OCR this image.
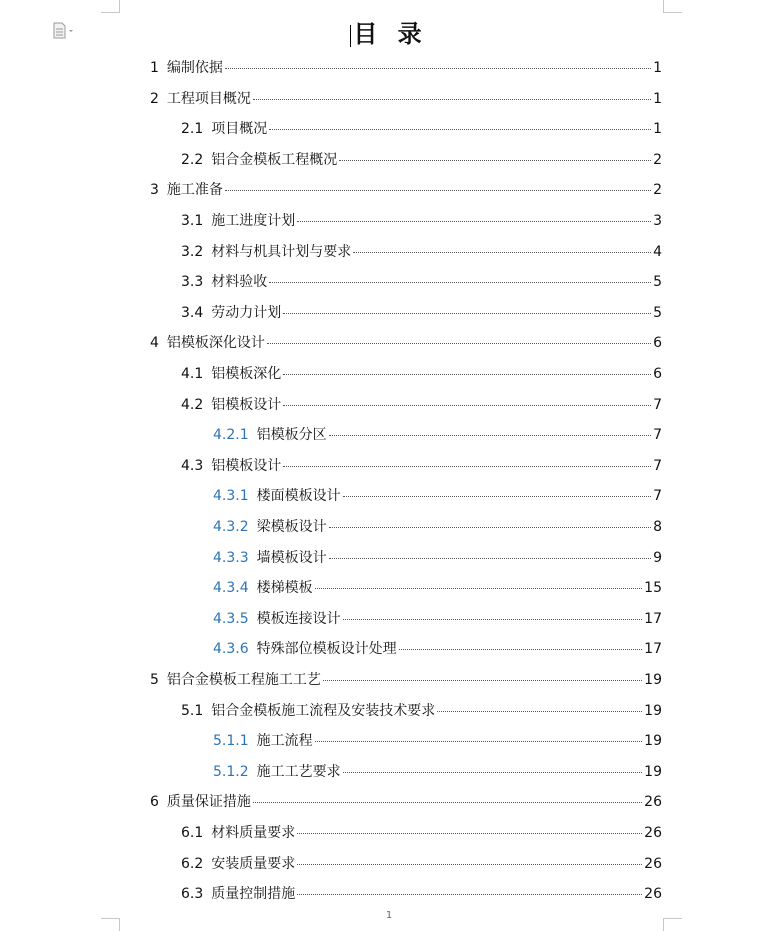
目 录
1 编制依据	1
2 工程项目概况	1
2.1 项目概况	1
2.2 铝合金模板工程概况	2
3 施工准备	2
3.1 施工进度计划	3
3.2 材料与机具计划与要求	4
3.3 材料验收	5
3.4 劳动力计划	5
4 铝模板深化设计	6
4.1 铝模板深化	6
4.2 铝模板设计	7
4.2.1 铝模板分区	7
4.3 铝模板设计	7
4.3.1 楼面模板设计	7
4.3.2 梁模板设计	8
4.3.3 墙模板设计	9
4.3.4 楼梯模板	15
4.3.5 模板连接设计	17
4.3.6 特殊部位模板设计处理	17
5 铝合金模板工程施工工艺	19
5.1 铝合金模板施工流程及安装技术要求	19
5.1.1 施工流程	19
5.1.2 施工工艺要求	19
6 质量保证措施	26
6.1 材料质量要求	26
6.2 安装质量要求	26
6.3 质量控制措施	26
1
